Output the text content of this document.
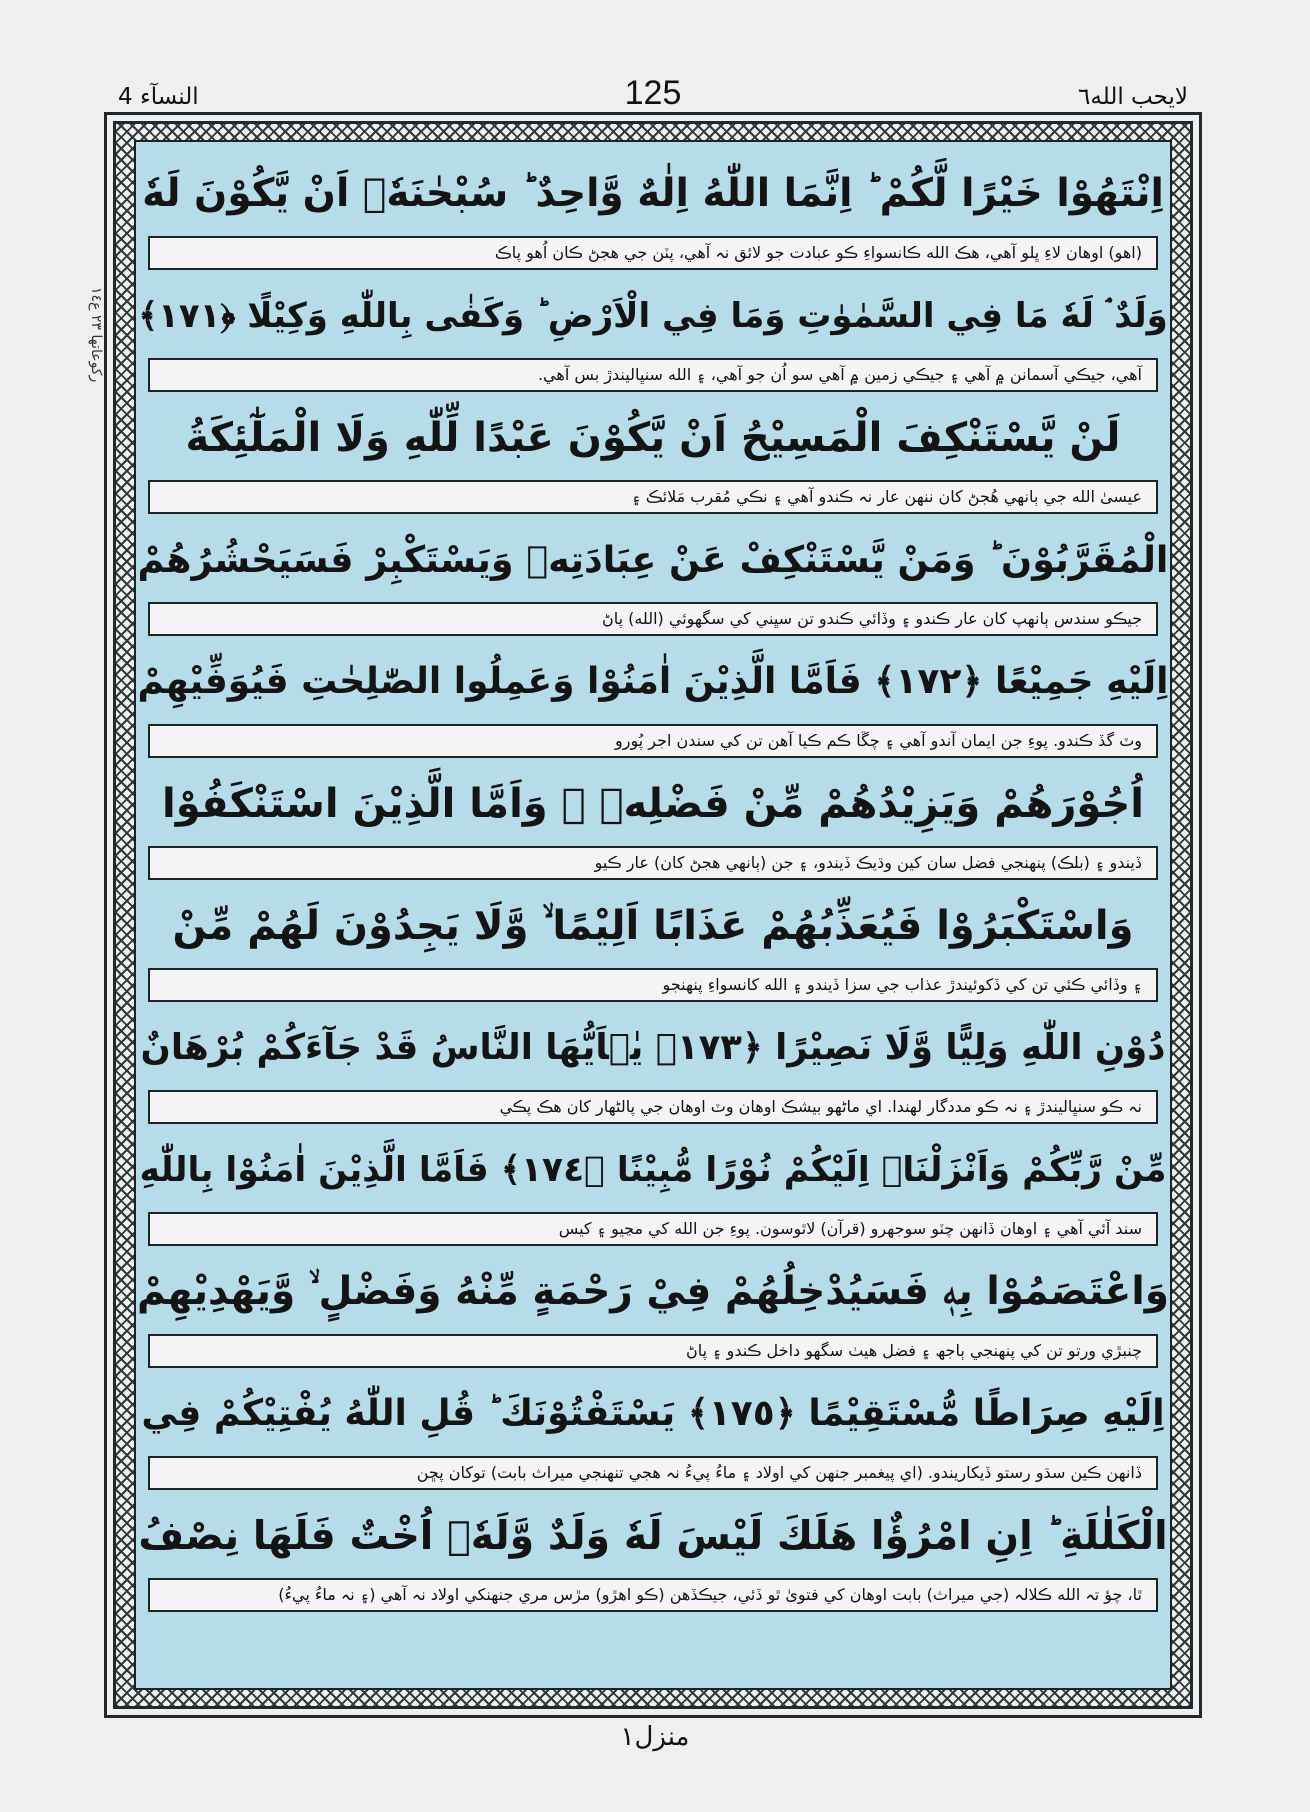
النسآء 4	125	لايحب الله٦
ركوعاتها ٢٣ ع١٤
اِنْتَهُوْا خَيْرًا لَّكُمْ ؕ اِنَّمَا اللّٰهُ اِلٰهٌ وَّاحِدٌ ؕ سُبْحٰنَهٗۤ اَنْ يَّكُوْنَ لَهٗ
(اھو) اوھان لاءِ ڀلو آھي، ھڪ الله ڪانسواءِ ڪو عبادت جو لائق نہ آھي، پٽن جي ھجڻ ڪان اُھو پاڪ
وَلَدٌ ۘ لَهٗ مَا فِي السَّمٰوٰتِ وَمَا فِي الْاَرْضِ ؕ وَكَفٰى بِاللّٰهِ وَكِيْلًا ﴿١٧١﴾
آھي، جيڪي آسمانن ۾ آھي ۽ جيڪي زمين ۾ آھي سو اُن جو آھي، ۽ الله سنڀاليندڙ بس آھي.
لَنْ يَّسْتَنْكِفَ الْمَسِيْحُ اَنْ يَّكُوْنَ عَبْدًا لِّلّٰهِ وَلَا الْمَلٰٓئِكَةُ
عيسىٰ الله جي ٻانھي ھُجڻ کان ننھن عار نہ ڪندو آھي ۽ نڪي مُقرب مَلائڪ ۽
الْمُقَرَّبُوْنَ ؕ وَمَنْ يَّسْتَنْكِفْ عَنْ عِبَادَتِهٖ وَيَسْتَكْبِرْ فَسَيَحْشُرُهُمْ
جيڪو سندس ٻانهپ کان عار ڪندو ۽ وڏائي ڪندو تن سڀني کي سگهوئي (الله) پاڻ
اِلَيْهِ جَمِيْعًا ﴿١٧٢﴾ فَاَمَّا الَّذِيْنَ اٰمَنُوْا وَعَمِلُوا الصّٰلِحٰتِ فَيُوَفِّيْهِمْ
وٽ گڏ ڪندو. پوءِ جن ايمان آندو آھي ۽ چڱا ڪم ڪيا آھن تن کي سندن اجر پُورو
اُجُوْرَهُمْ وَيَزِيْدُهُمْ مِّنْ فَضْلِهٖ ۚ وَاَمَّا الَّذِيْنَ اسْتَنْكَفُوْا
ڏيندو ۽ (بلڪ) پنھنجي فضل سان کين وڌيڪ ڏيندو، ۽ جن (ٻانھي ھجڻ کان) عار ڪيو
وَاسْتَكْبَرُوْا فَيُعَذِّبُهُمْ عَذَابًا اَلِيْمًا ۙ وَّلَا يَجِدُوْنَ لَهُمْ مِّنْ
۽ وڏائي ڪئي تن کي ڏکوئيندڙ عذاب جي سزا ڏيندو ۽ الله کانسواءِ پنھنجو
دُوْنِ اللّٰهِ وَلِيًّا وَّلَا نَصِيْرًا ﴿١٧٣﴾ يٰۤاَيُّهَا النَّاسُ قَدْ جَآءَكُمْ بُرْهَانٌ
نہ ڪو سنڀاليندڙ ۽ نہ ڪو مددگار لھندا. اي ماڻھو بيشڪ اوھان وٽ اوھان جي پالڻھار کان ھڪ پڪي
مِّنْ رَّبِّكُمْ وَاَنْزَلْنَاۤ اِلَيْكُمْ نُوْرًا مُّبِيْنًا ﴿١٧٤﴾ فَاَمَّا الَّذِيْنَ اٰمَنُوْا بِاللّٰهِ
سند آئي آھي ۽ اوھان ڏانھن چٽو سوجھرو (قرآن) لاٿوسون. پوءِ جن الله کي مڃيو ۽ کيس
وَاعْتَصَمُوْا بِهٖ فَسَيُدْخِلُهُمْ فِيْ رَحْمَةٍ مِّنْهُ وَفَضْلٍ ۙ وَّيَهْدِيْهِمْ
چنبڙي ورتو تن کي پنھنجي ٻاجھ ۽ فضل ھيٺ سگھو داخل ڪندو ۽ پاڻ
اِلَيْهِ صِرَاطًا مُّسْتَقِيْمًا ﴿١٧٥﴾ يَسْتَفْتُوْنَكَ ؕ قُلِ اللّٰهُ يُفْتِيْكُمْ فِي
ڏانھن ڪين سڌو رستو ڏيکاريندو. (اي پيغمبر جنھن کي اولاد ۽ ماءُ پيءُ نہ ھجي تنھنجي ميراث بابت) توکان پڇن
الْكَلٰلَةِ ؕ اِنِ امْرُؤٌا هَلَكَ لَيْسَ لَهٗ وَلَدٌ وَّلَهٗۤ اُخْتٌ فَلَهَا نِصْفُ
ٿا، چؤ تہ الله ڪلالہ (جي ميراث) بابت اوھان کي فتوىٰ ٿو ڏئي، جيڪڏھن (ڪو اھڙو) مڙس مري جنھنکي اولاد نہ آھي (۽ نہ ماءُ پيءُ)
منزل١
